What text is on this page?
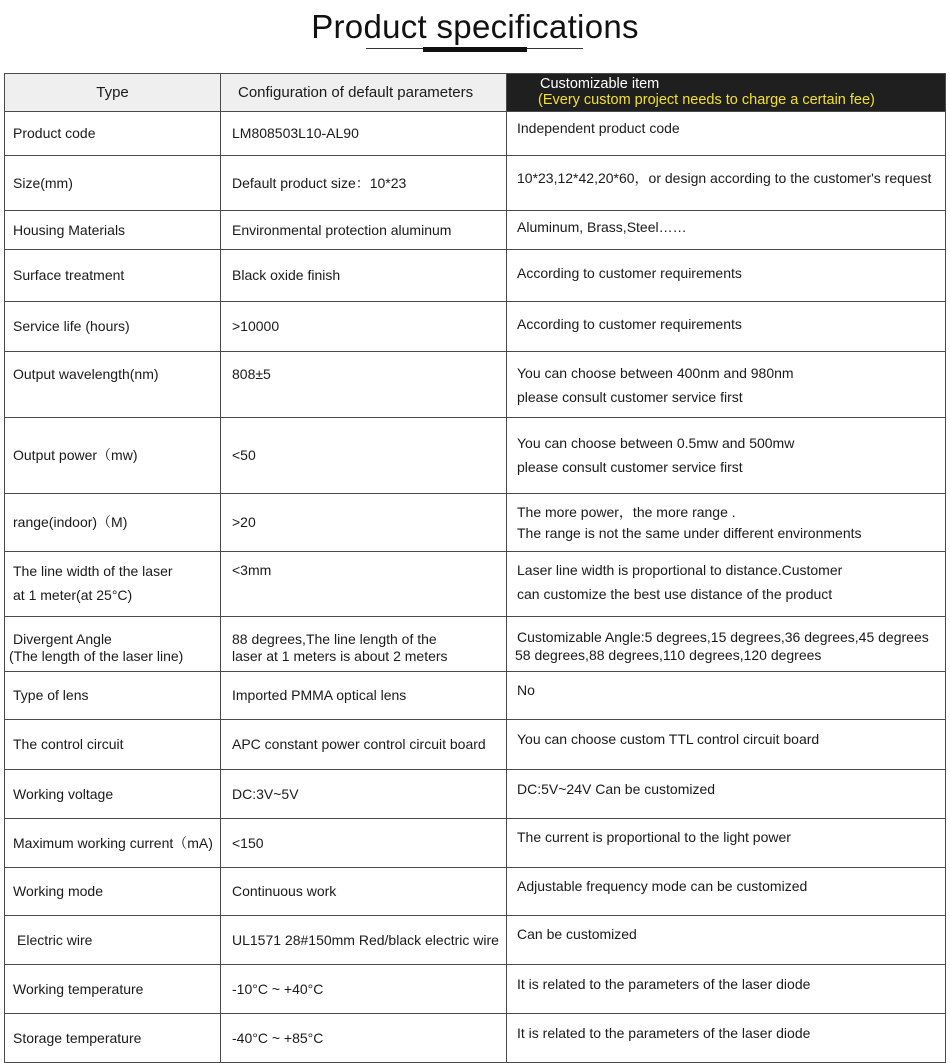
Product specifications
Type	Configuration of default parameters	Customizable item
(Every custom project needs to charge a certain fee)

Product code	LM808503L10-AL90	Independent product code
Size(mm)	Default product size：10*23	10*23,12*42,20*60，or design according to the customer's request
Housing Materials	Environmental protection aluminum	Aluminum, Brass,Steel……
Surface treatment	Black oxide finish	According to customer requirements
Service life (hours)	>10000	According to customer requirements
Output wavelength(nm)	808±5	You can choose between 400nm and 980nm
please consult customer service first

Output power（mw)	<50	You can choose between 0.5mw and 500mw
please consult customer service first

range(indoor)（M)	>20	The more power，the more range .
The range is not the same under different environments

The line width of the laser
at 1 meter(at 25°C)	<3mm	Laser line width is proportional to distance.Customer
can customize the best use distance of the product

Divergent Angle
(The length of the laser line)	88 degrees,The line length of the
laser at 1 meters is about 2 meters	Customizable Angle:5 degrees,15 degrees,36 degrees,45 degrees
58 degrees,88 degrees,110 degrees,120 degrees

Type of lens	Imported PMMA optical lens	No
The control circuit	APC constant power control circuit board	You can choose custom TTL control circuit board
Working voltage	DC:3V~5V	DC:5V~24V Can be customized
Maximum working current（mA)	<150	The current is proportional to the light power
Working mode	Continuous work	Adjustable frequency mode can be customized
Electric wire	UL1571 28#150mm Red/black electric wire	Can be customized
Working temperature	-10°C ~ +40°C	It is related to the parameters of the laser diode
Storage temperature	-40°C ~ +85°C	It is related to the parameters of the laser diode
